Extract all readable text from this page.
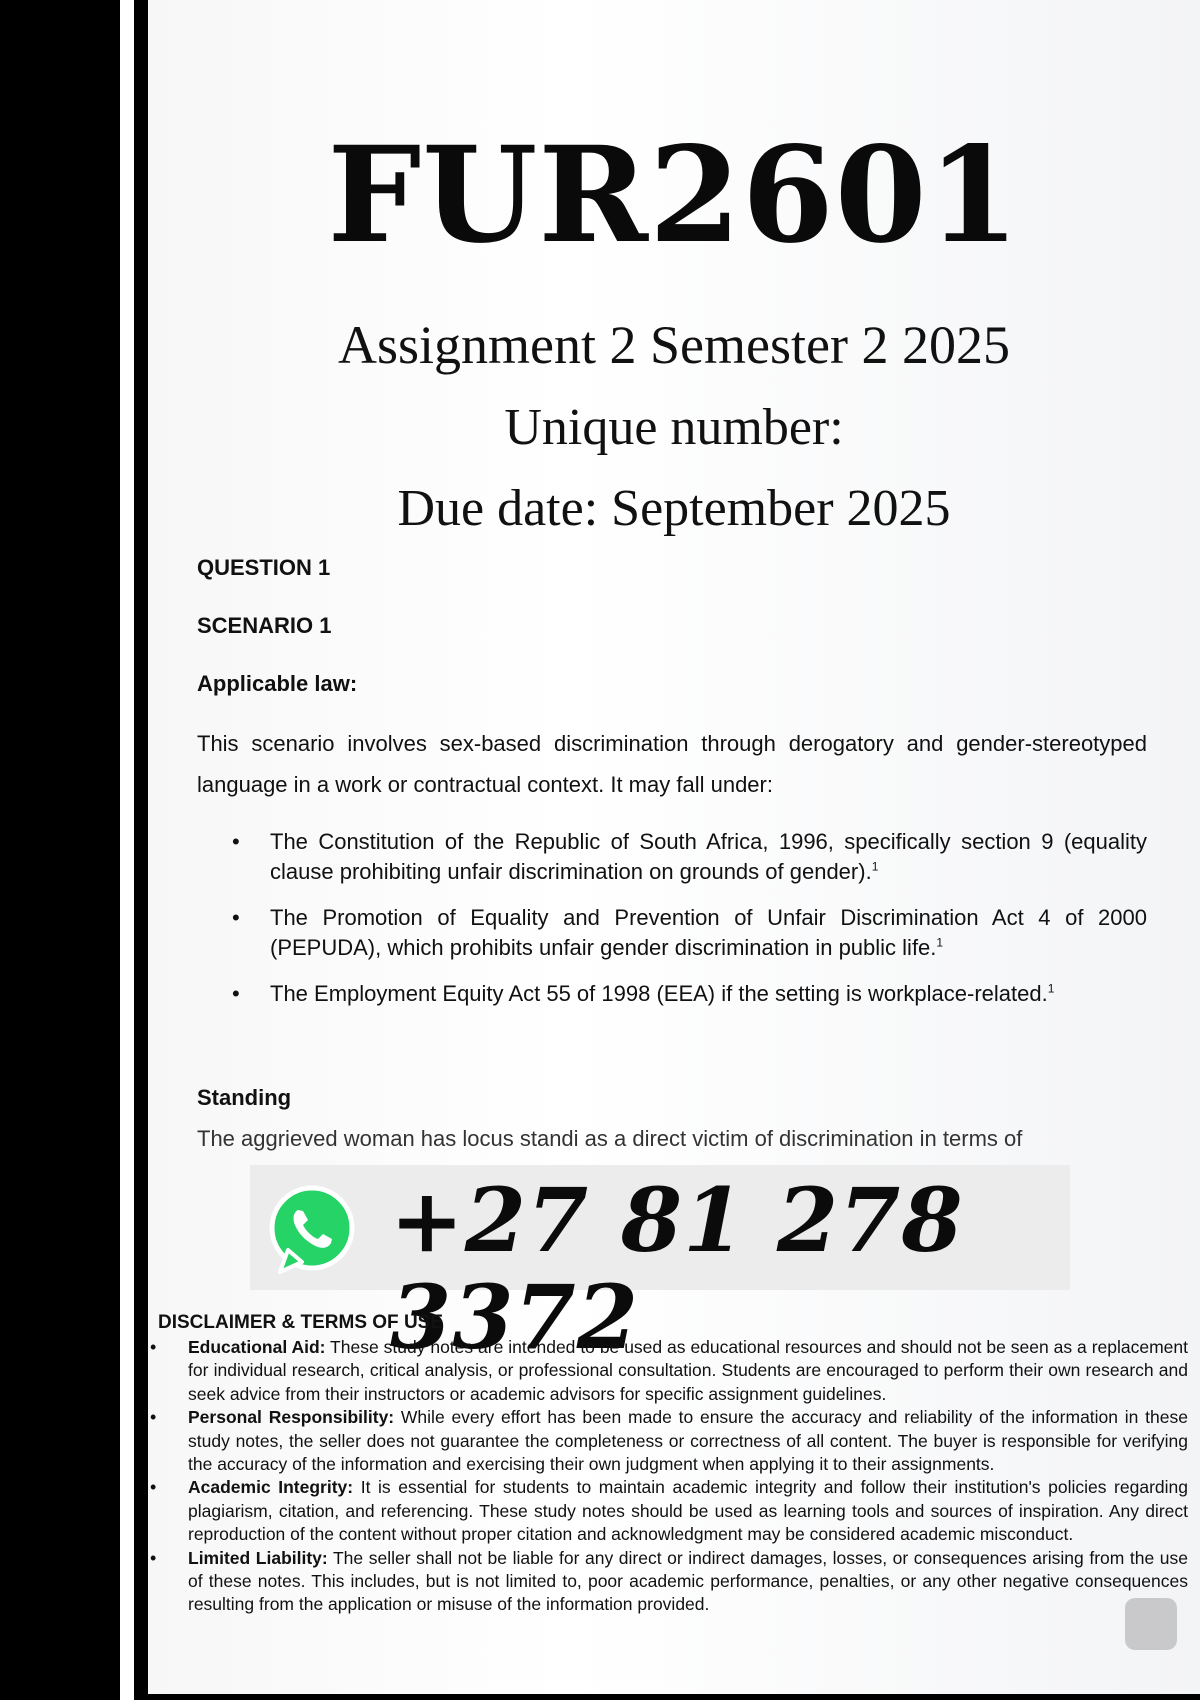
FUR2601
Assignment 2 Semester 2 2025
Unique number:
Due date: September 2025

QUESTION 1

SCENARIO 1

Applicable law:

This scenario involves sex-based discrimination through derogatory and gender-stereotyped language in a work or contractual context. It may fall under:
• The Constitution of the Republic of South Africa, 1996, specifically section 9 (equality clause prohibiting unfair discrimination on grounds of gender).$^1$
• The Promotion of Equality and Prevention of Unfair Discrimination Act 4 of 2000 (PEPUDA), which prohibits unfair gender discrimination in public life.$^1$
• The Employment Equity Act 55 of 1998 (EEA) if the setting is workplace-related.$^1$

Standing

The aggrieved woman has locus standi as a direct victim of discrimination in terms of
+27 81 278 3372
DISCLAIMER & TERMS OF USE
• Educational Aid: These study notes are intended to be used as educational resources and should not be seen as a replacement for individual research, critical analysis, or professional consultation. Students are encouraged to perform their own research and seek advice from their instructors or academic advisors for specific assignment guidelines.
• Personal Responsibility: While every effort has been made to ensure the accuracy and reliability of the information in these study notes, the seller does not guarantee the completeness or correctness of all content. The buyer is responsible for verifying the accuracy of the information and exercising their own judgment when applying it to their assignments.
• Academic Integrity: It is essential for students to maintain academic integrity and follow their institution's policies regarding plagiarism, citation, and referencing. These study notes should be used as learning tools and sources of inspiration. Any direct reproduction of the content without proper citation and acknowledgment may be considered academic misconduct.
• Limited Liability: The seller shall not be liable for any direct or indirect damages, losses, or consequences arising from the use of these notes. This includes, but is not limited to, poor academic performance, penalties, or any other negative consequences resulting from the application or misuse of the information provided.
